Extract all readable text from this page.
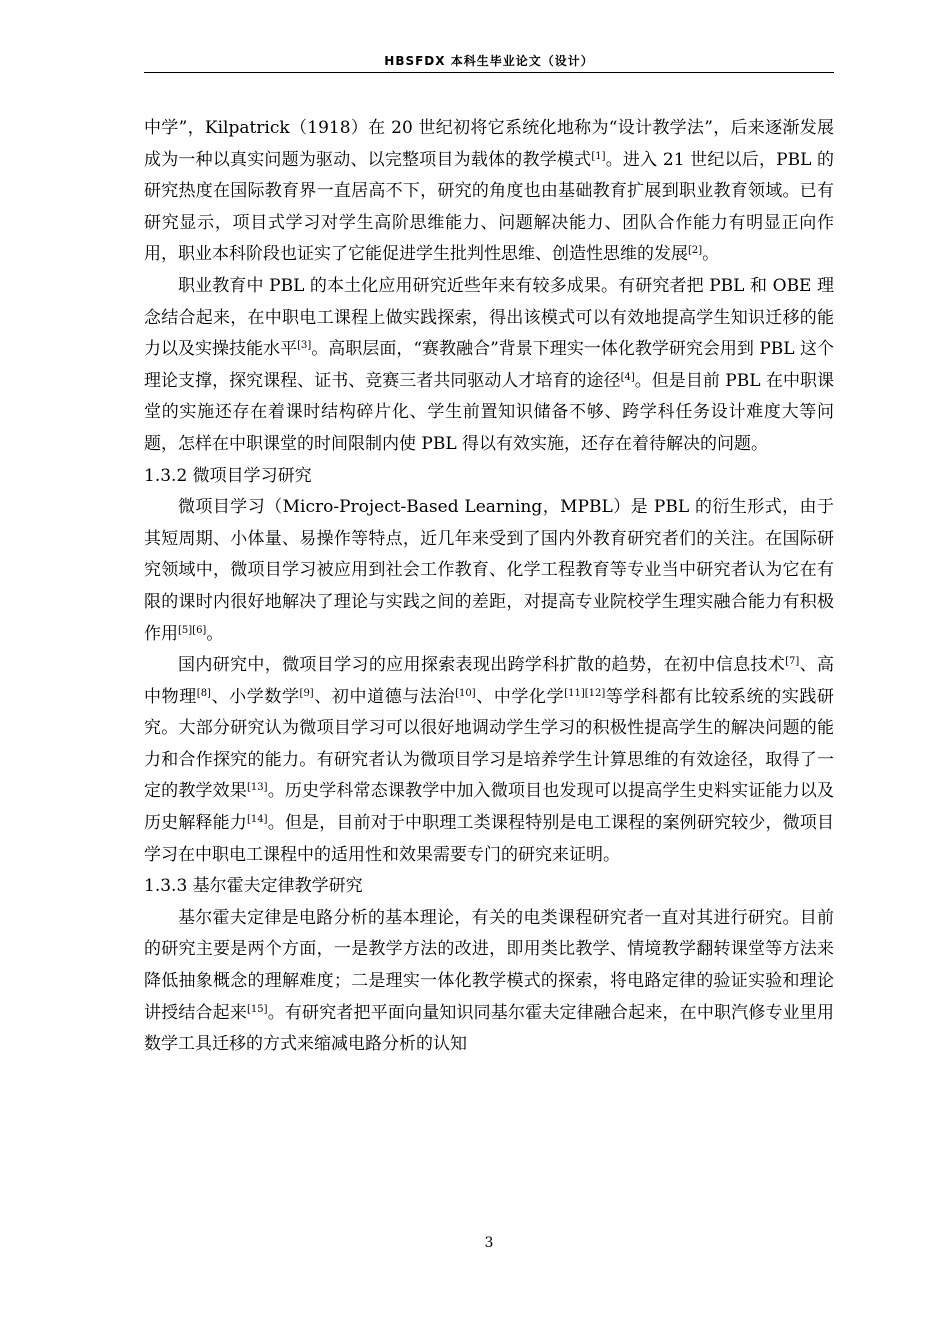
HBSFDX 本科生毕业论文（设计）

中学”，Kilpatrick（1918）在 20 世纪初将它系统化地称为“设计教学法”，后来逐渐发展成为一种以真实问题为驱动、以完整项目为载体的教学模式[1]。进入 21 世纪以后，PBL 的研究热度在国际教育界一直居高不下，研究的角度也由基础教育扩展到职业教育领域。已有研究显示，项目式学习对学生高阶思维能力、问题解决能力、团队合作能力有明显正向作用，职业本科阶段也证实了它能促进学生批判性思维、创造性思维的发展[2]。

职业教育中 PBL 的本土化应用研究近些年来有较多成果。有研究者把 PBL 和 OBE 理念结合起来，在中职电工课程上做实践探索，得出该模式可以有效地提高学生知识迁移的能力以及实操技能水平[3]。高职层面，“赛教融合”背景下理实一体化教学研究会用到 PBL 这个理论支撑，探究课程、证书、竞赛三者共同驱动人才培育的途径[4]。但是目前 PBL 在中职课堂的实施还存在着课时结构碎片化、学生前置知识储备不够、跨学科任务设计难度大等问题，怎样在中职课堂的时间限制内使 PBL 得以有效实施，还存在着待解决的问题。

1.3.2 微项目学习研究

微项目学习（Micro-Project-Based Learning，MPBL）是 PBL 的衍生形式，由于其短周期、小体量、易操作等特点，近几年来受到了国内外教育研究者们的关注。在国际研究领域中，微项目学习被应用到社会工作教育、化学工程教育等专业当中研究者认为它在有限的课时内很好地解决了理论与实践之间的差距，对提高专业院校学生理实融合能力有积极作用[5][6]。

国内研究中，微项目学习的应用探索表现出跨学科扩散的趋势，在初中信息技术[7]、高中物理[8]、小学数学[9]、初中道德与法治[10]、中学化学[11][12]等学科都有比较系统的实践研究。大部分研究认为微项目学习可以很好地调动学生学习的积极性提高学生的解决问题的能力和合作探究的能力。有研究者认为微项目学习是培养学生计算思维的有效途径，取得了一定的教学效果[13]。历史学科常态课教学中加入微项目也发现可以提高学生史料实证能力以及历史解释能力[14]。但是，目前对于中职理工类课程特别是电工课程的案例研究较少，微项目学习在中职电工课程中的适用性和效果需要专门的研究来证明。

1.3.3 基尔霍夫定律教学研究

基尔霍夫定律是电路分析的基本理论，有关的电类课程研究者一直对其进行研究。目前的研究主要是两个方面，一是教学方法的改进，即用类比教学、情境教学翻转课堂等方法来降低抽象概念的理解难度；二是理实一体化教学模式的探索，将电路定律的验证实验和理论讲授结合起来[15]。有研究者把平面向量知识同基尔霍夫定律融合起来，在中职汽修专业里用数学工具迁移的方式来缩减电路分析的认知

3
